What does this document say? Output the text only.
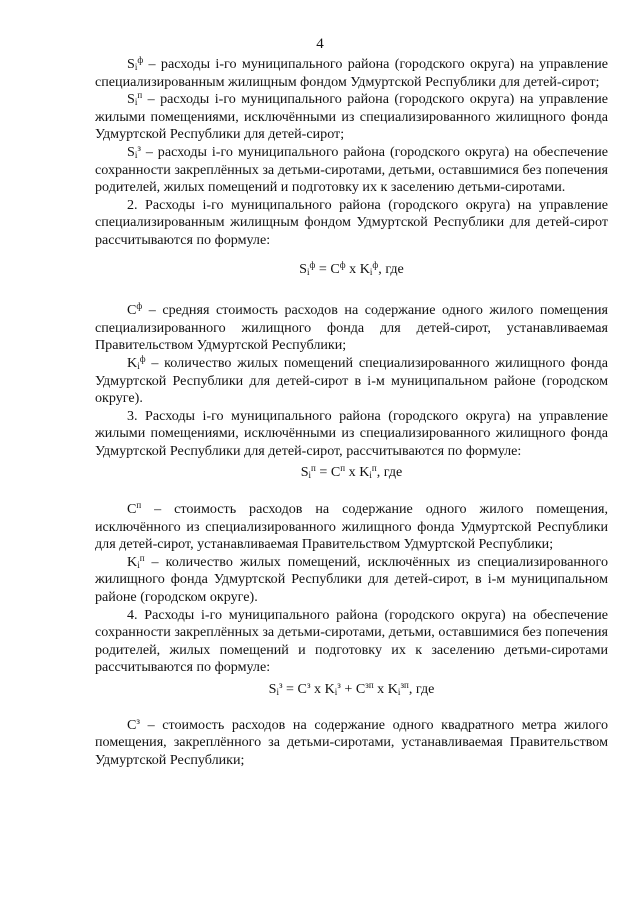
4

$S_i^ф$ – расходы i-го муниципального района (городского округа) на управление специализированным жилищным фондом Удмуртской Республики для детей-сирот;

$S_i^п$ – расходы i-го муниципального района (городского округа) на управление жилыми помещениями, исключёнными из специализированного жилищного фонда Удмуртской Республики для детей-сирот;

$S_i^з$ – расходы i-го муниципального района (городского округа) на обеспечение сохранности закреплённых за детьми-сиротами, детьми, оставшимися без попечения родителей, жилых помещений и подготовку их к заселению детьми-сиротами.

2. Расходы i-го муниципального района (городского округа) на управление специализированным жилищным фондом Удмуртской Республики для детей-сирот рассчитываются по формуле:

$S_i^ф = C^ф$ x $K_i^ф$, где

$C^ф$ – средняя стоимость расходов на содержание одного жилого помещения специализированного жилищного фонда для детей-сирот, устанавливаемая Правительством Удмуртской Республики;

$K_i^ф$ – количество жилых помещений специализированного жилищного фонда Удмуртской Республики для детей-сирот в i-м муниципальном районе (городском округе).

3. Расходы i-го муниципального района (городского округа) на управление жилыми помещениями, исключёнными из специализированного жилищного фонда Удмуртской Республики для детей-сирот, рассчитываются по формуле:

$S_i^п = C^п$ x $K_i^п$, где

$C^п$ – стоимость расходов на содержание одного жилого помещения, исключённого из специализированного жилищного фонда Удмуртской Республики для детей-сирот, устанавливаемая Правительством Удмуртской Республики;

$K_i^п$ – количество жилых помещений, исключённых из специализированного жилищного фонда Удмуртской Республики для детей-сирот, в i-м муниципальном районе (городском округе).

4. Расходы i-го муниципального района (городского округа) на обеспечение сохранности закреплённых за детьми-сиротами, детьми, оставшимися без попечения родителей, жилых помещений и подготовку их к заселению детьми-сиротами рассчитываются по формуле:

$S_i^з = C^з$ x $K_i^з + C^{зп}$ x $K_i^{зп}$, где

$C^з$ – стоимость расходов на содержание одного квадратного метра жилого помещения, закреплённого за детьми-сиротами, устанавливаемая Правительством Удмуртской Республики;
